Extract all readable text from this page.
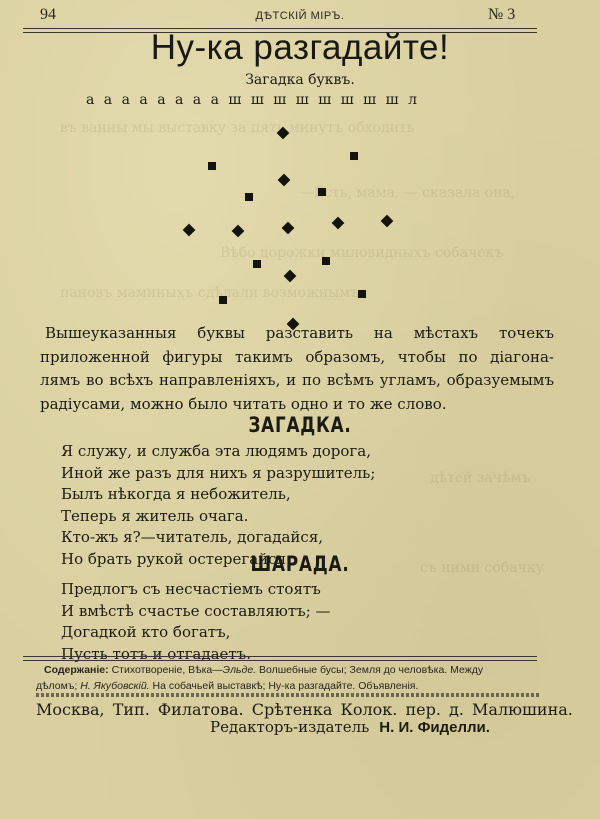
въ ванны мы выставку за пять минутъ обходить
—Есть, мама, — сказала она,
Вѣбо дорожки миловидныхъ собачекъ
пановъ маминыхъ сдѣлали возможнымъ
дѣтей зачѣмъ
съ ними собачку
94	ДѢТСКІЙ МІРЪ.	№ 3
Ну-ка разгадайте!
Загадка буквъ.
а а а а а а а а ш ш ш ш ш ш ш ш л
Вышеуказанныя буквы разставить на мѣстахъ точекъ
приложенной фигуры такимъ образомъ, чтобы по діагона-
лямъ во всѣхъ направленіяхъ, и по всѣмъ угламъ, образуемымъ
радіусами, можно было читать одно и то же слово.
ЗАГАДКА.
Я служу, и служба эта людямъ дорога,
Иной же разъ для нихъ я разрушитель;
Былъ нѣкогда я небожитель,
Теперь я житель очага.
Кто-жъ я?—читатель, догадайся,
Но брать рукой остерегайся.
ШАРАДА.
Предлогъ съ несчастіемъ стоятъ
И вмѣстѣ счастье составляютъ; —
Догадкой кто богатъ,
Пусть тотъ и отгадаетъ.
Содержаніе: Стихотвореніе, Вѣка—Эльде. Волшебные бусы; Земля до человѣка. Между
дѣломъ; Н. Якубовскій. На собачьей выставкѣ; Ну-ка разгадайте. Объявленія.
Москва, Тип. Филатова. Срѣтенка Колок. пер. д. Малюшина.
Редакторъ-издатель Н. И. Фиделли.
